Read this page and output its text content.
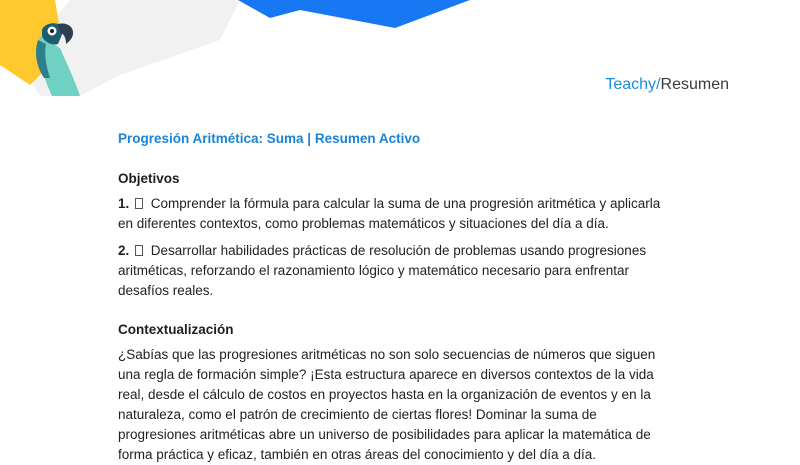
Teachy/Resumen
Progresión Aritmética: Suma | Resumen Activo
Objetivos
1. Comprender la fórmula para calcular la suma de una progresión aritmética y aplicarla en diferentes contextos, como problemas matemáticos y situaciones del día a día.
2. Desarrollar habilidades prácticas de resolución de problemas usando progresiones aritméticas, reforzando el razonamiento lógico y matemático necesario para enfrentar desafíos reales.
Contextualización

¿Sabías que las progresiones aritméticas no son solo secuencias de números que siguen una regla de formación simple? ¡Esta estructura aparece en diversos contextos de la vida real, desde el cálculo de costos en proyectos hasta en la organización de eventos y en la naturaleza, como el patrón de crecimiento de ciertas flores! Dominar la suma de progresiones aritméticas abre un universo de posibilidades para aplicar la matemática de forma práctica y eficaz, también en otras áreas del conocimiento y del día a día.
